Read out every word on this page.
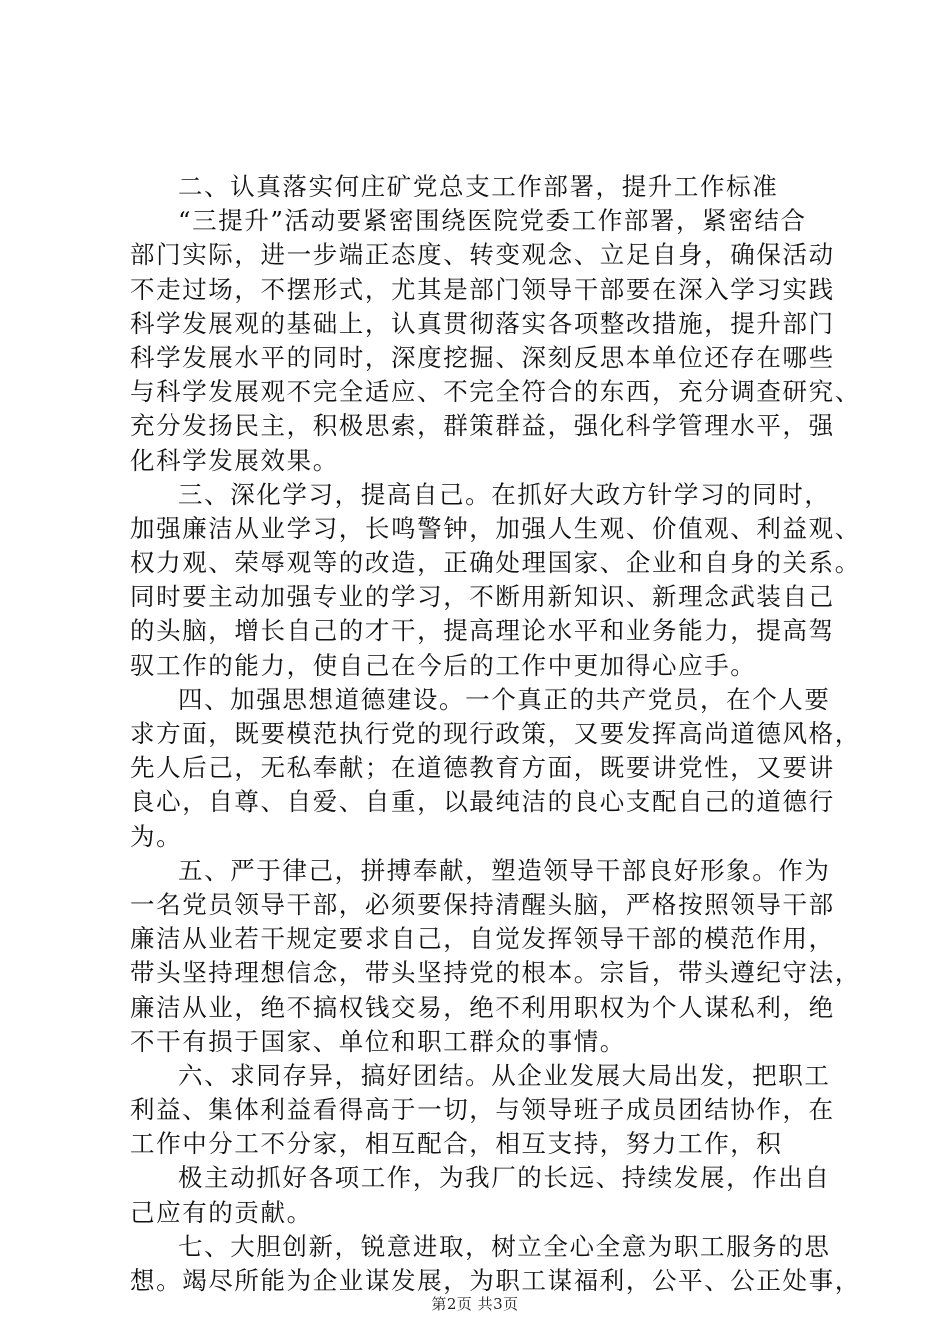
二、认真落实何庄矿党总支工作部署，提升工作标准
“三提升”活动要紧密围绕医院党委工作部署，紧密结合
部门实际，进一步端正态度、转变观念、立足自身，确保活动
不走过场，不摆形式，尤其是部门领导干部要在深入学习实践
科学发展观的基础上，认真贯彻落实各项整改措施，提升部门
科学发展水平的同时，深度挖掘、深刻反思本单位还存在哪些
与科学发展观不完全适应、不完全符合的东西，充分调查研究、
充分发扬民主，积极思索，群策群益，强化科学管理水平，强
化科学发展效果。
三、深化学习，提高自己。在抓好大政方针学习的同时，
加强廉洁从业学习，长鸣警钟，加强人生观、价值观、利益观、
权力观、荣辱观等的改造，正确处理国家、企业和自身的关系。
同时要主动加强专业的学习，不断用新知识、新理念武装自己
的头脑，增长自己的才干，提高理论水平和业务能力，提高驾
驭工作的能力，使自己在今后的工作中更加得心应手。
四、加强思想道德建设。一个真正的共产党员，在个人要
求方面，既要模范执行党的现行政策，又要发挥高尚道德风格，
先人后己，无私奉献；在道德教育方面，既要讲党性，又要讲
良心，自尊、自爱、自重，以最纯洁的良心支配自己的道德行
为。
五、严于律己，拼搏奉献，塑造领导干部良好形象。作为
一名党员领导干部，必须要保持清醒头脑，严格按照领导干部
廉洁从业若干规定要求自己，自觉发挥领导干部的模范作用，
带头坚持理想信念，带头坚持党的根本。宗旨，带头遵纪守法，
廉洁从业，绝不搞权钱交易，绝不利用职权为个人谋私利，绝
不干有损于国家、单位和职工群众的事情。
六、求同存异，搞好团结。从企业发展大局出发，把职工
利益、集体利益看得高于一切，与领导班子成员团结协作，在
工作中分工不分家，相互配合，相互支持，努力工作，积
极主动抓好各项工作，为我厂的长远、持续发展，作出自
己应有的贡献。
七、大胆创新，锐意进取，树立全心全意为职工服务的思
想。竭尽所能为企业谋发展，为职工谋福利，公平、公正处事，
第2页 共3页
